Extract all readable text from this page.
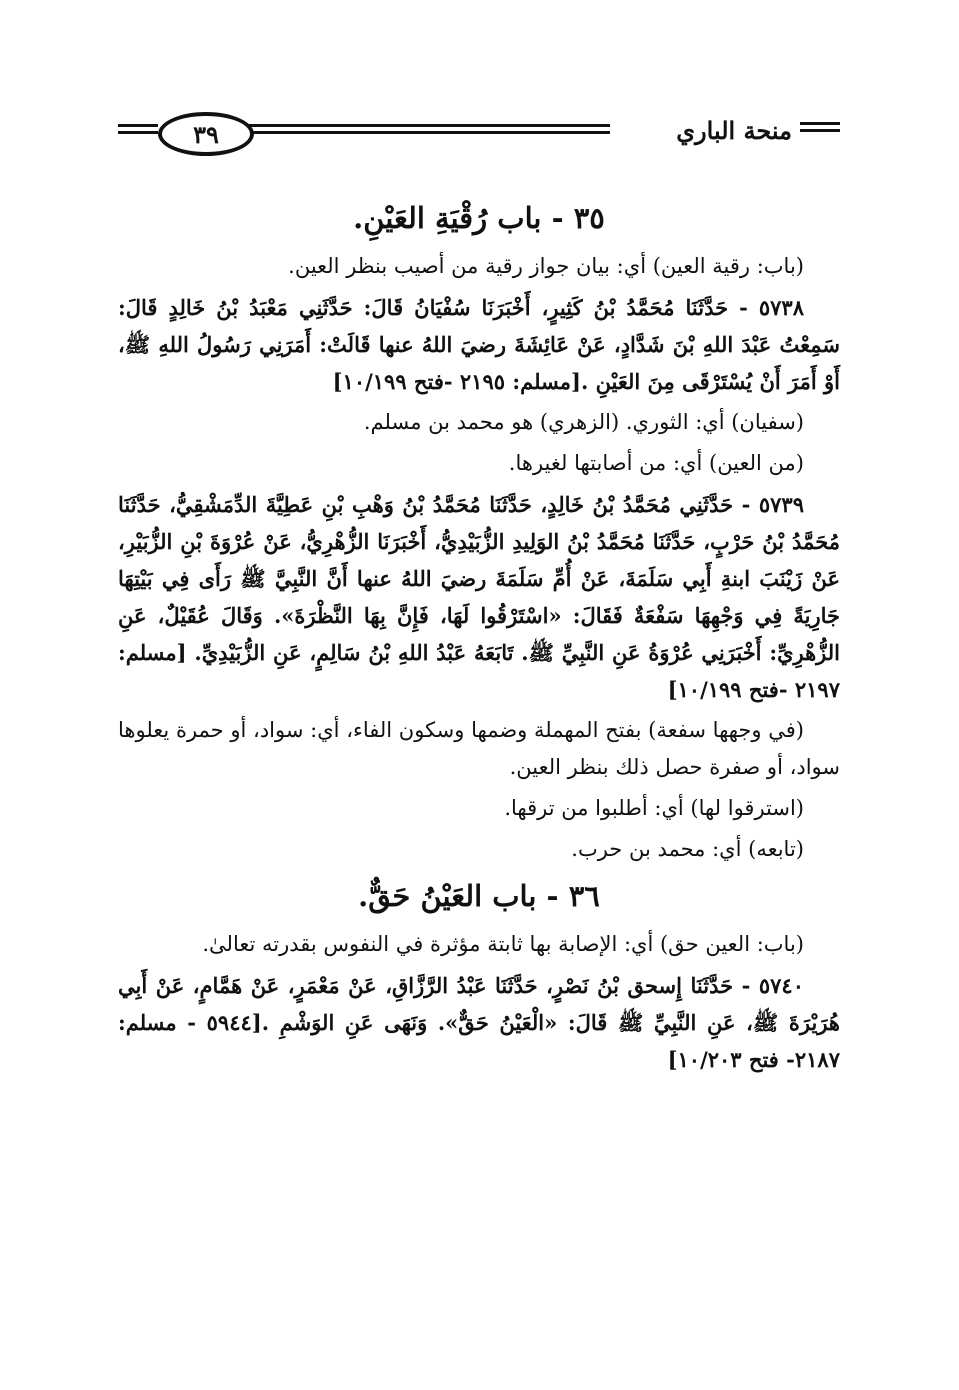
منحة الباري
٣٩

٣٥ - باب رُقْيَةِ العَيْنِ.

(باب: رقية العين) أي: بيان جواز رقية من أصيب بنظر العين.

٥٧٣٨ - حَدَّثَنَا مُحَمَّدُ بْنُ كَثِيرٍ، أَخْبَرَنَا سُفْيَانُ قَالَ: حَدَّثَنِي مَعْبَدُ بْنُ خَالِدٍ قَالَ: سَمِعْتُ عَبْدَ اللهِ بْنَ شَدَّادٍ، عَنْ عَائِشَةَ رضيَ اللهُ عنها قَالَتْ: أَمَرَنِي رَسُولُ اللهِ ﷺ، أَوْ أَمَرَ أَنْ يُسْتَرْقَى مِنَ العَيْنِ .[مسلم: ٢١٩٥ -فتح ١٠/١٩٩]

(سفيان) أي: الثوري. (الزهري) هو محمد بن مسلم.

(من العين) أي: من أصابتها لغيرها.

٥٧٣٩ - حَدَّثَنِي مُحَمَّدُ بْنُ خَالِدٍ، حَدَّثَنَا مُحَمَّدُ بْنُ وَهْبِ بْنِ عَطِيَّةَ الدِّمَشْقِيُّ، حَدَّثَنَا مُحَمَّدُ بْنُ حَرْبٍ، حَدَّثَنَا مُحَمَّدُ بْنُ الوَلِيدِ الزُّبَيْدِيُّ، أَخْبَرَنَا الزُّهْرِيُّ، عَنْ عُرْوَةَ بْنِ الزُّبَيْرِ، عَنْ زَيْنَبَ ابنةِ أَبِي سَلَمَةَ، عَنْ أُمِّ سَلَمَةَ رضيَ اللهُ عنها أَنَّ النَّبِيَّ ﷺ رَأَى فِي بَيْتِهَا جَارِيَةً فِي وَجْهِهَا سَفْعَةٌ فَقَالَ: «اسْتَرْقُوا لَهَا، فَإِنَّ بِهَا النَّظْرَةَ». وَقَالَ عُقَيْلٌ، عَنِ الزُّهْرِيِّ: أَخْبَرَنِي عُرْوَةُ عَنِ النَّبِيِّ ﷺ. تَابَعَهُ عَبْدُ اللهِ بْنُ سَالِمٍ، عَنِ الزُّبَيْدِيِّ. [مسلم: ٢١٩٧ -فتح ١٠/١٩٩]

(في وجهها سفعة) بفتح المهملة وضمها وسكون الفاء، أي: سواد، أو حمرة يعلوها سواد، أو صفرة حصل ذلك بنظر العين.

(استرقوا لها) أي: أطلبوا من ترقها.

(تابعه) أي: محمد بن حرب.

٣٦ - باب العَيْنُ حَقٌّ.

(باب: العين حق) أي: الإصابة بها ثابتة مؤثرة في النفوس بقدرته تعالىٰ.

٥٧٤٠ - حَدَّثَنَا إِسحق بْنُ نَصْرٍ، حَدَّثَنَا عَبْدُ الرَّزَّاقِ، عَنْ مَعْمَرٍ، عَنْ هَمَّامٍ، عَنْ أَبِي هُرَيْرَةَ ﷺ، عَنِ النَّبِيِّ ﷺ قَالَ: «الْعَيْنُ حَقٌّ». وَنَهَى عَنِ الوَشْمِ .[٥٩٤٤ - مسلم: ٢١٨٧- فتح ١٠/٢٠٣]
